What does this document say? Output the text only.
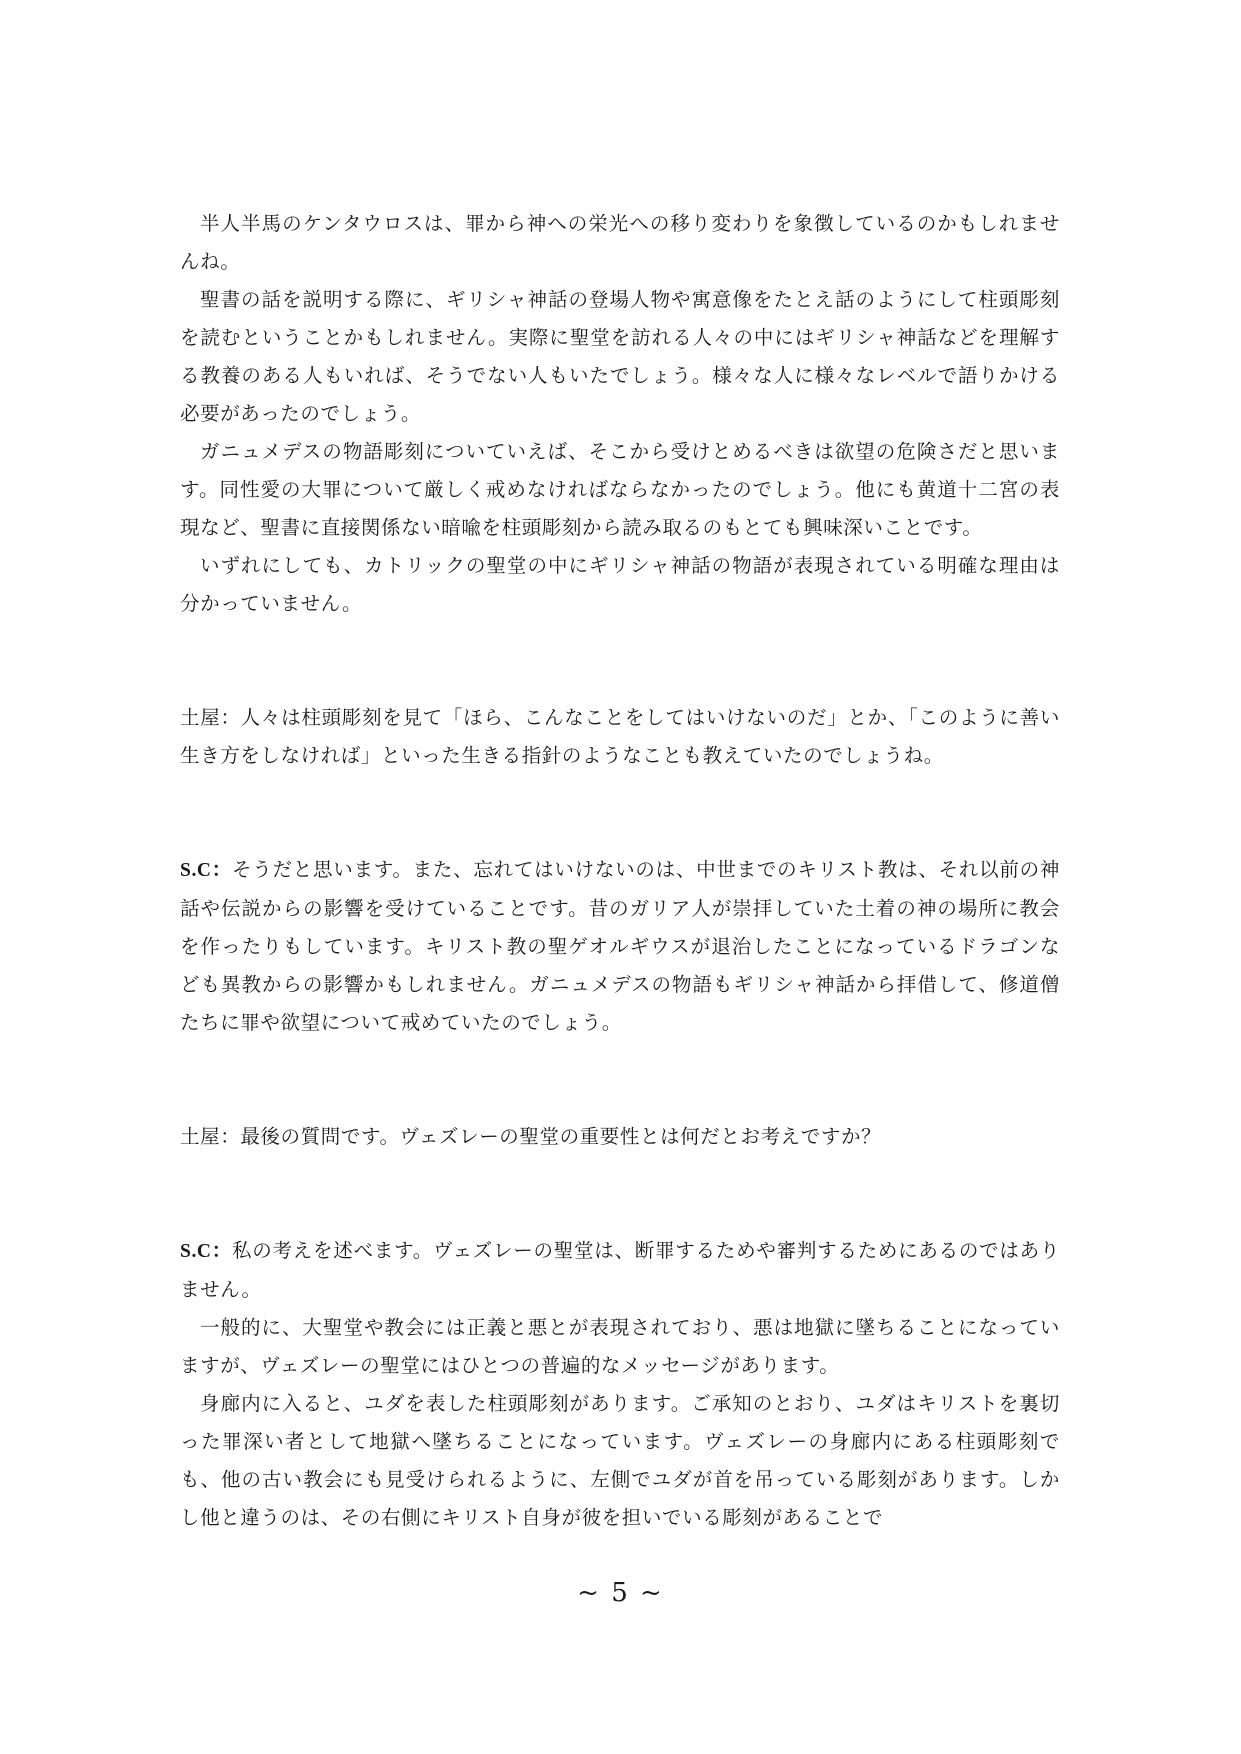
半人半馬のケンタウロスは、罪から神への栄光への移り変わりを象徴しているのかもしれませんね。

聖書の話を説明する際に、ギリシャ神話の登場人物や寓意像をたとえ話のようにして柱頭彫刻を読むということかもしれません。実際に聖堂を訪れる人々の中にはギリシャ神話などを理解する教養のある人もいれば、そうでない人もいたでしょう。様々な人に様々なレベルで語りかける必要があったのでしょう。

ガニュメデスの物語彫刻についていえば、そこから受けとめるべきは欲望の危険さだと思います。同性愛の大罪について厳しく戒めなければならなかったのでしょう。他にも黄道十二宮の表現など、聖書に直接関係ない暗喩を柱頭彫刻から読み取るのもとても興味深いことです。

いずれにしても、カトリックの聖堂の中にギリシャ神話の物語が表現されている明確な理由は分かっていません。

土屋：人々は柱頭彫刻を見て「ほら、こんなことをしてはいけないのだ」とか、「このように善い生き方をしなければ」といった生きる指針のようなことも教えていたのでしょうね。

S.C：そうだと思います。また、忘れてはいけないのは、中世までのキリスト教は、それ以前の神話や伝説からの影響を受けていることです。昔のガリア人が崇拝していた土着の神の場所に教会を作ったりもしています。キリスト教の聖ゲオルギウスが退治したことになっているドラゴンなども異教からの影響かもしれません。ガニュメデスの物語もギリシャ神話から拝借して、修道僧たちに罪や欲望について戒めていたのでしょう。

土屋：最後の質問です。ヴェズレーの聖堂の重要性とは何だとお考えですか？

S.C：私の考えを述べます。ヴェズレーの聖堂は、断罪するためや審判するためにあるのではありません。

一般的に、大聖堂や教会には正義と悪とが表現されており、悪は地獄に墜ちることになっていますが、ヴェズレーの聖堂にはひとつの普遍的なメッセージがあります。

身廊内に入ると、ユダを表した柱頭彫刻があります。ご承知のとおり、ユダはキリストを裏切った罪深い者として地獄へ墜ちることになっています。ヴェズレーの身廊内にある柱頭彫刻でも、他の古い教会にも見受けられるように、左側でユダが首を吊っている彫刻があります。しかし他と違うのは、その右側にキリスト自身が彼を担いでいる彫刻があることで

~ 5 ~
